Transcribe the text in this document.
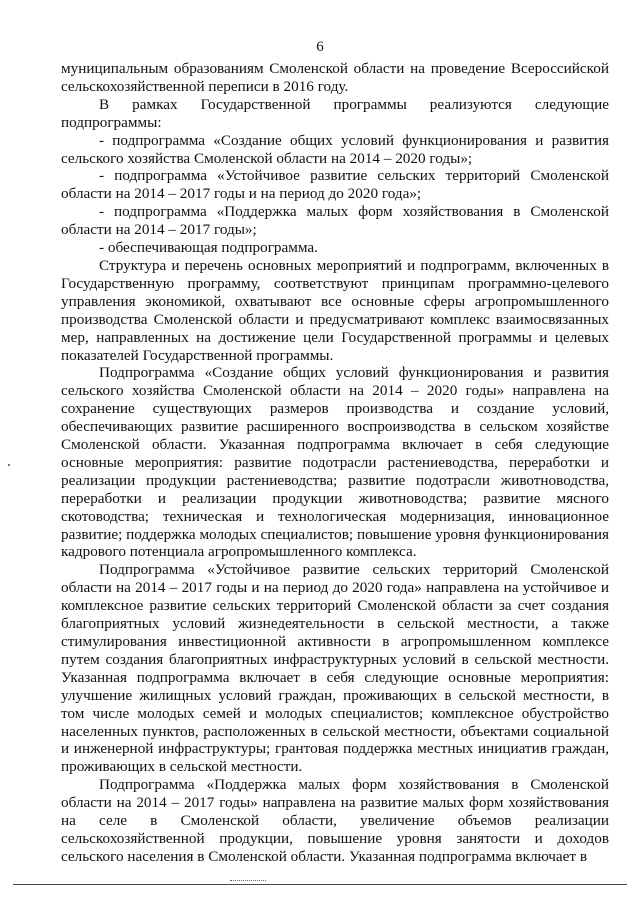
6

муниципальным образованиям Смоленской области на проведение Всероссийской сельскохозяйственной переписи в 2016 году.

В рамках Государственной программы реализуются следующие подпрограммы:

- подпрограмма «Создание общих условий функционирования и развития сельского хозяйства Смоленской области на 2014 – 2020 годы»;

- подпрограмма «Устойчивое развитие сельских территорий Смоленской области на 2014 – 2017 годы и на период до 2020 года»;

- подпрограмма «Поддержка малых форм хозяйствования в Смоленской области на 2014 – 2017 годы»;

- обеспечивающая подпрограмма.

Структура и перечень основных мероприятий и подпрограмм, включенных в Государственную программу, соответствуют принципам программно-целевого управления экономикой, охватывают все основные сферы агропромышленного производства Смоленской области и предусматривают комплекс взаимосвязанных мер, направленных на достижение цели Государственной программы и целевых показателей Государственной программы.

Подпрограмма «Создание общих условий функционирования и развития сельского хозяйства Смоленской области на 2014 – 2020 годы» направлена на сохранение существующих размеров производства и создание условий, обеспечивающих развитие расширенного воспроизводства в сельском хозяйстве Смоленской области. Указанная подпрограмма включает в себя следующие основные мероприятия: развитие подотрасли растениеводства, переработки и реализации продукции растениеводства; развитие подотрасли животноводства, переработки и реализации продукции животноводства; развитие мясного скотоводства; техническая и технологическая модернизация, инновационное развитие; поддержка молодых специалистов; повышение уровня функционирования кадрового потенциала агропромышленного комплекса.

Подпрограмма «Устойчивое развитие сельских территорий Смоленской области на 2014 – 2017 годы и на период до 2020 года» направлена на устойчивое и комплексное развитие сельских территорий Смоленской области за счет создания благоприятных условий жизнедеятельности в сельской местности, а также стимулирования инвестиционной активности в агропромышленном комплексе путем создания благоприятных инфраструктурных условий в сельской местности. Указанная подпрограмма включает в себя следующие основные мероприятия: улучшение жилищных условий граждан, проживающих в сельской местности, в том числе молодых семей и молодых специалистов; комплексное обустройство населенных пунктов, расположенных в сельской местности, объектами социальной и инженерной инфраструктуры; грантовая поддержка местных инициатив граждан, проживающих в сельской местности.

Подпрограмма «Поддержка малых форм хозяйствования в Смоленской области на 2014 – 2017 годы» направлена на развитие малых форм хозяйствования на селе в Смоленской области, увеличение объемов реализации сельскохозяйственной продукции, повышение уровня занятости и доходов сельского населения в Смоленской области. Указанная подпрограмма включает в
